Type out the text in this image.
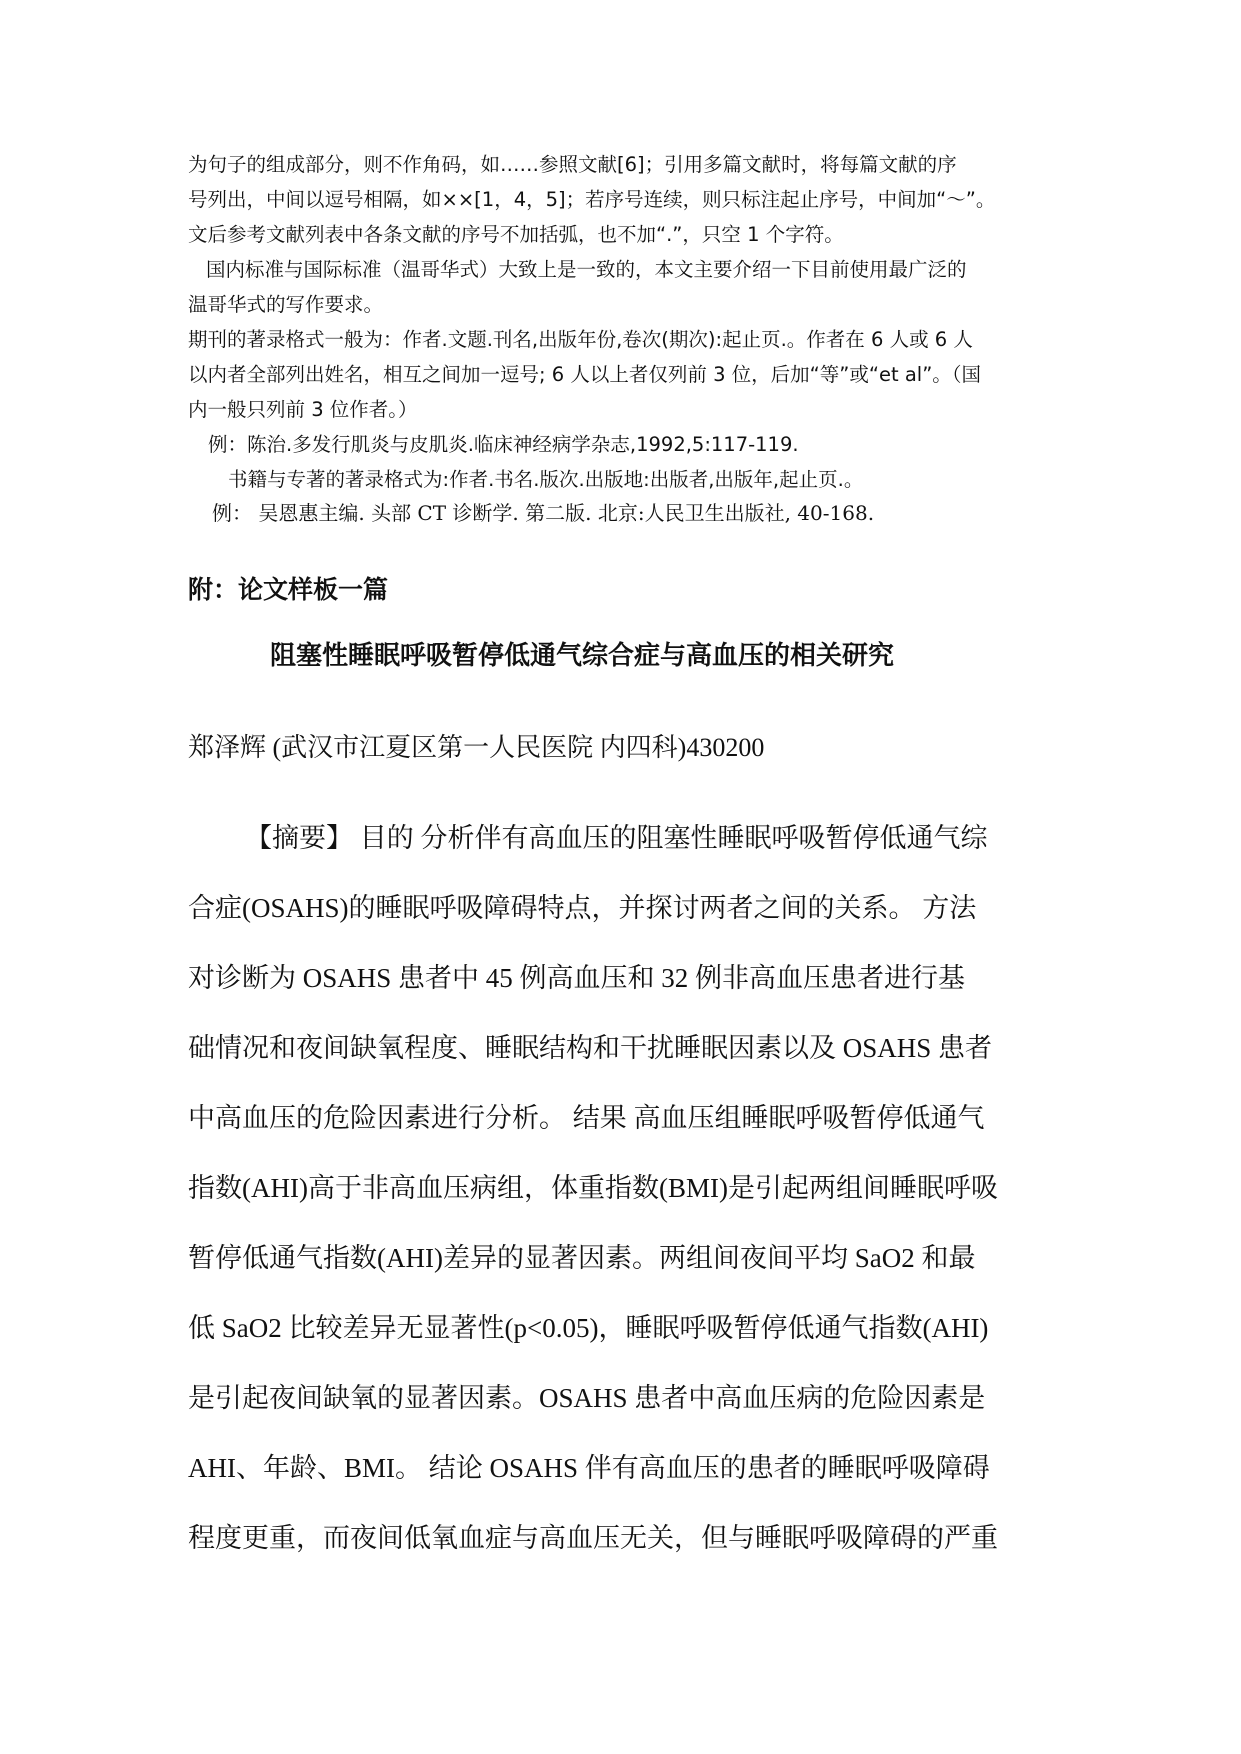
为句子的组成部分，则不作角码，如……参照文献[6]；引用多篇文献时，将每篇文献的序
号列出，中间以逗号相隔，如××[1，4，5]；若序号连续，则只标注起止序号，中间加“～”。
文后参考文献列表中各条文献的序号不加括弧，也不加“.”，只空 1 个字符。
国内标准与国际标准（温哥华式）大致上是一致的，本文主要介绍一下目前使用最广泛的
温哥华式的写作要求。
期刊的著录格式一般为：作者.文题.刊名,出版年份,卷次(期次):起止页.。作者在 6 人或 6 人
以内者全部列出姓名，相互之间加一逗号; 6 人以上者仅列前 3 位，后加“等”或“et al”。（国
内一般只列前 3 位作者。）
例：陈治.多发行肌炎与皮肌炎.临床神经病学杂志,1992,5:117-119.
书籍与专著的著录格式为:作者.书名.版次.出版地:出版者,出版年,起止页.。
例： 吴恩惠主编. 头部 CT 诊断学. 第二版. 北京:人民卫生出版社, 40-168.
附：论文样板一篇
阻塞性睡眠呼吸暂停低通气综合症与高血压的相关研究
郑泽辉 (武汉市江夏区第一人民医院 内四科)430200
【摘要】 目的 分析伴有高血压的阻塞性睡眠呼吸暂停低通气综
合症(OSAHS)的睡眠呼吸障碍特点，并探讨两者之间的关系。 方法
对诊断为 OSAHS 患者中 45 例高血压和 32 例非高血压患者进行基
础情况和夜间缺氧程度、睡眠结构和干扰睡眠因素以及 OSAHS 患者
中高血压的危险因素进行分析。 结果 高血压组睡眠呼吸暂停低通气
指数(AHI)高于非高血压病组，体重指数(BMI)是引起两组间睡眠呼吸
暂停低通气指数(AHI)差异的显著因素。两组间夜间平均 SaO2 和最
低 SaO2 比较差异无显著性(p<0.05)，睡眠呼吸暂停低通气指数(AHI)
是引起夜间缺氧的显著因素。OSAHS 患者中高血压病的危险因素是
AHI、年龄、BMI。 结论 OSAHS 伴有高血压的患者的睡眠呼吸障碍
程度更重，而夜间低氧血症与高血压无关，但与睡眠呼吸障碍的严重
